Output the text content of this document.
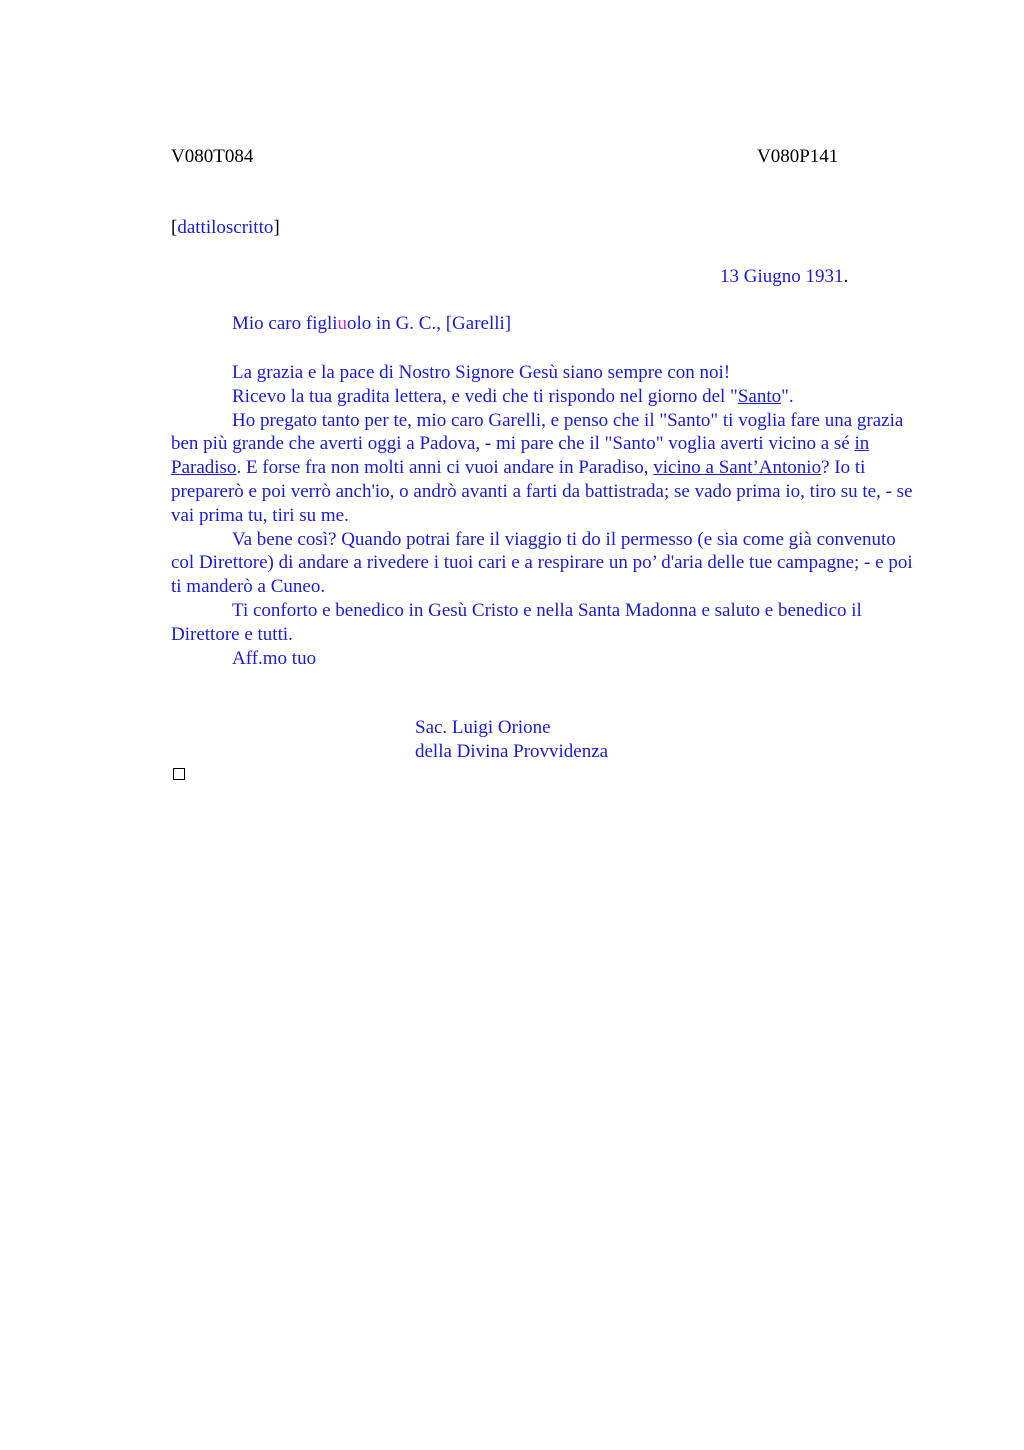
V080T084	V080P141
[dattiloscritto]
13 Giugno 1931.
Mio caro figliuolo in G. C., [Garelli]

La grazia e la pace di Nostro Signore Gesù siano sempre con noi!

Ricevo la tua gradita lettera, e vedi che ti rispondo nel giorno del "Santo".

Ho pregato tanto per te, mio caro Garelli, e penso che il "Santo" ti voglia fare una grazia ben più grande che averti oggi a Padova, - mi pare che il "Santo" voglia averti vicino a sé in Paradiso. E forse fra non molti anni ci vuoi andare in Paradiso, vicino a Sant’Antonio? Io ti preparerò e poi verrò anch'io, o andrò avanti a farti da battistrada; se vado prima io, tiro su te, - se vai prima tu, tiri su me.

Va bene così? Quando potrai fare il viaggio ti do il permesso (e sia come già convenuto col Direttore) di andare a rivedere i tuoi cari e a respirare un po’ d'aria delle tue campagne; - e poi ti manderò a Cuneo.

Ti conforto e benedico in Gesù Cristo e nella Santa Madonna e saluto e benedico il Direttore e tutti.

Aff.mo tuo

Sac. Luigi Orione
della Divina Provvidenza
